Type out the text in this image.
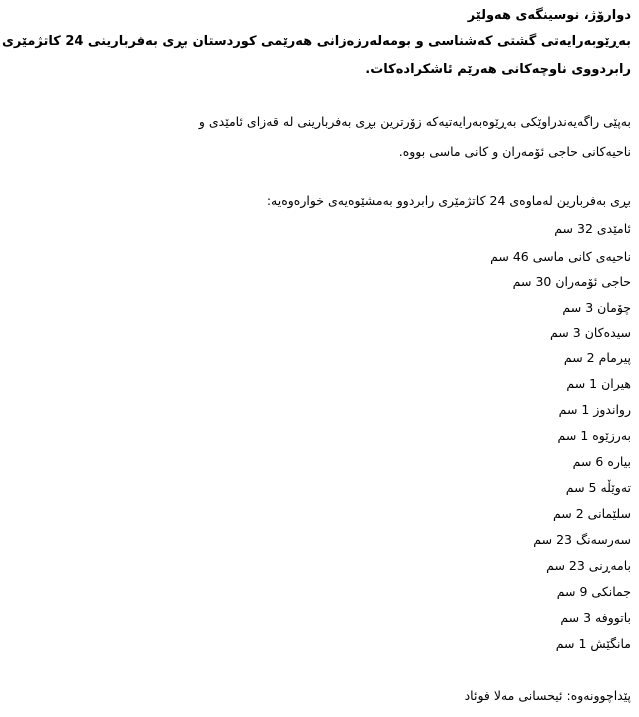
دوارۆژ، نوسینگەی هەولێر
بەڕێوبەرایەتی گشتی کەشناسی و بومەلەرزەزانی هەرێمی کوردستان بڕی بەفربارینی 24 کاتژمێری
رابردووی ناوچەکانی هەرێم ئاشکرادەکات.
بەپێی راگەیەندراوێکی بەڕێوەبەرایەتیەکە زۆرترین بڕی بەفربارینی لە قەزای ئامێدی و
ناحیەکانی حاجی ئۆمەران و کانی ماسی بووە.
بڕی بەفربارین لەماوەی 24 کاتژمێری رابردوو بەمشێوەیەی خوارەوەیە:
ئامێدی 32 سم
ناحیەی کانی ماسی 46 سم
حاجی ئۆمەران 30 سم
چۆمان 3 سم
سیدەکان 3 سم
پیرمام 2 سم
هیران 1 سم
رواندوز 1 سم
بەرزێوە 1 سم
بیارە 6 سم
تەوێڵە 5 سم
سلێمانی 2 سم
سەرسەنگ 23 سم
بامەڕنی 23 سم
جمانکی 9 سم
باتووفە 3 سم
مانگێش 1 سم
پێداچوونەوە: ئیحسانی مەلا فوئاد
